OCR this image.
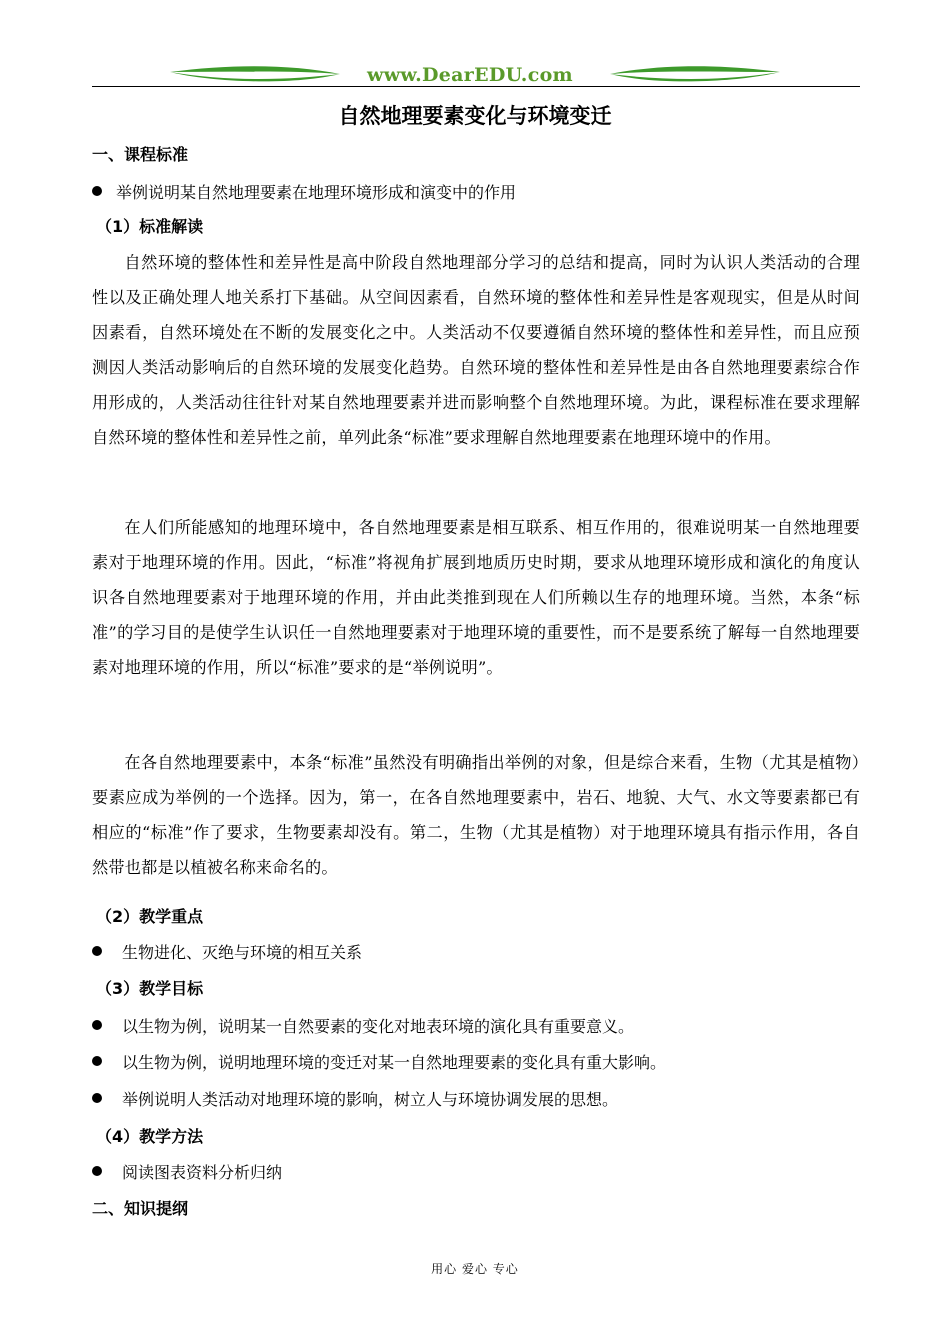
www.DearEDU.com
自然地理要素变化与环境变迁
一、课程标准
举例说明某自然地理要素在地理环境形成和演变中的作用
（1）标准解读
自然环境的整体性和差异性是高中阶段自然地理部分学习的总结和提高，同时为认识人类活动的合理性以及正确处理人地关系打下基础。从空间因素看，自然环境的整体性和差异性是客观现实，但是从时间因素看，自然环境处在不断的发展变化之中。人类活动不仅要遵循自然环境的整体性和差异性，而且应预测因人类活动影响后的自然环境的发展变化趋势。自然环境的整体性和差异性是由各自然地理要素综合作用形成的，人类活动往往针对某自然地理要素并进而影响整个自然地理环境。为此，课程标准在要求理解自然环境的整体性和差异性之前，单列此条“标准”要求理解自然地理要素在地理环境中的作用。
在人们所能感知的地理环境中，各自然地理要素是相互联系、相互作用的，很难说明某一自然地理要素对于地理环境的作用。因此，“标准”将视角扩展到地质历史时期，要求从地理环境形成和演化的角度认识各自然地理要素对于地理环境的作用，并由此类推到现在人们所赖以生存的地理环境。当然，本条“标准”的学习目的是使学生认识任一自然地理要素对于地理环境的重要性，而不是要系统了解每一自然地理要素对地理环境的作用，所以“标准”要求的是“举例说明”。
在各自然地理要素中，本条“标准”虽然没有明确指出举例的对象，但是综合来看，生物（尤其是植物）要素应成为举例的一个选择。因为，第一，在各自然地理要素中，岩石、地貌、大气、水文等要素都已有相应的“标准”作了要求，生物要素却没有。第二，生物（尤其是植物）对于地理环境具有指示作用，各自然带也都是以植被名称来命名的。
（2）教学重点
生物进化、灭绝与环境的相互关系
（3）教学目标
以生物为例，说明某一自然要素的变化对地表环境的演化具有重要意义。
以生物为例，说明地理环境的变迁对某一自然地理要素的变化具有重大影响。
举例说明人类活动对地理环境的影响，树立人与环境协调发展的思想。
（4）教学方法
阅读图表资料分析归纳
二、知识提纲
用心 爱心 专心
